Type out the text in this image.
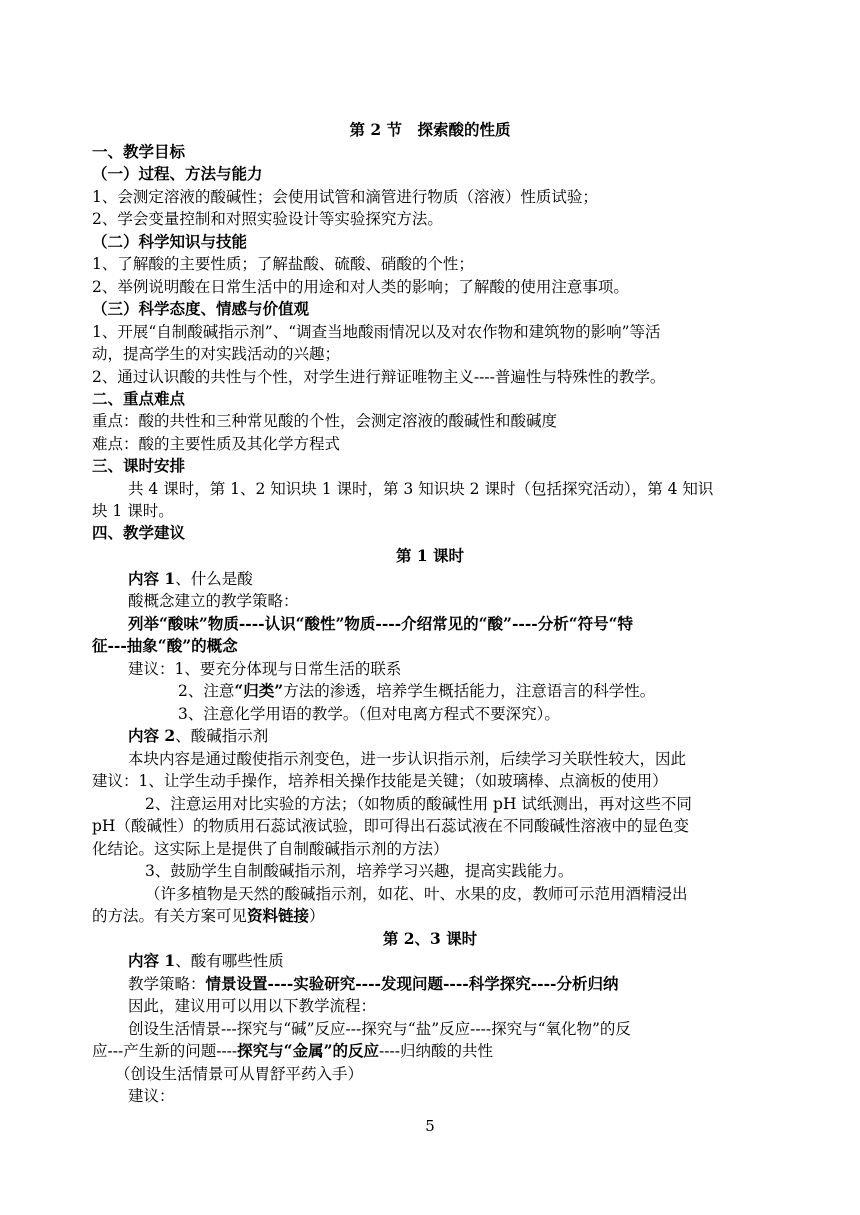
第 2 节　探索酸的性质
一、教学目标
（一）过程、方法与能力
1、会测定溶液的酸碱性；会使用试管和滴管进行物质（溶液）性质试验；
2、学会变量控制和对照实验设计等实验探究方法。
（二）科学知识与技能
1、了解酸的主要性质；了解盐酸、硫酸、硝酸的个性；
2、举例说明酸在日常生活中的用途和对人类的影响；了解酸的使用注意事项。
（三）科学态度、情感与价值观
1、开展“自制酸碱指示剂”、“调查当地酸雨情况以及对农作物和建筑物的影响”等活
动，提高学生的对实践活动的兴趣；
2、通过认识酸的共性与个性，对学生进行辩证唯物主义----普遍性与特殊性的教学。
二、重点难点
重点：酸的共性和三种常见酸的个性，会测定溶液的酸碱性和酸碱度
难点：酸的主要性质及其化学方程式
三、课时安排
共 4 课时，第 1、2 知识块 1 课时，第 3 知识块 2 课时（包括探究活动），第 4 知识
块 1 课时。
四、教学建议
第 1 课时
内容 1、什么是酸
酸概念建立的教学策略：
列举“酸味”物质----认识“酸性”物质----介绍常见的“酸”----分析“符号“特
征---抽象“酸”的概念
建议：1、要充分体现与日常生活的联系
2、注意“归类”方法的渗透，培养学生概括能力，注意语言的科学性。
3、注意化学用语的教学。（但对电离方程式不要深究）。
内容 2、酸碱指示剂
本块内容是通过酸使指示剂变色，进一步认识指示剂，后续学习关联性较大，因此
建议：1、让学生动手操作，培养相关操作技能是关键；（如玻璃棒、点滴板的使用）
2、注意运用对比实验的方法；（如物质的酸碱性用 pH 试纸测出，再对这些不同
pH（酸碱性）的物质用石蕊试液试验，即可得出石蕊试液在不同酸碱性溶液中的显色变
化结论。这实际上是提供了自制酸碱指示剂的方法）
3、鼓励学生自制酸碱指示剂，培养学习兴趣，提高实践能力。
（许多植物是天然的酸碱指示剂，如花、叶、水果的皮，教师可示范用酒精浸出
的方法。有关方案可见资料链接）
第 2、3 课时
内容 1、酸有哪些性质
教学策略：情景设置----实验研究----发现问题----科学探究----分析归纳
因此，建议用可以用以下教学流程：
创设生活情景---探究与“碱”反应---探究与“盐”反应----探究与“氧化物”的反
应---产生新的问题----探究与“金属”的反应----归纳酸的共性
（创设生活情景可从胃舒平药入手）
建议：
5
